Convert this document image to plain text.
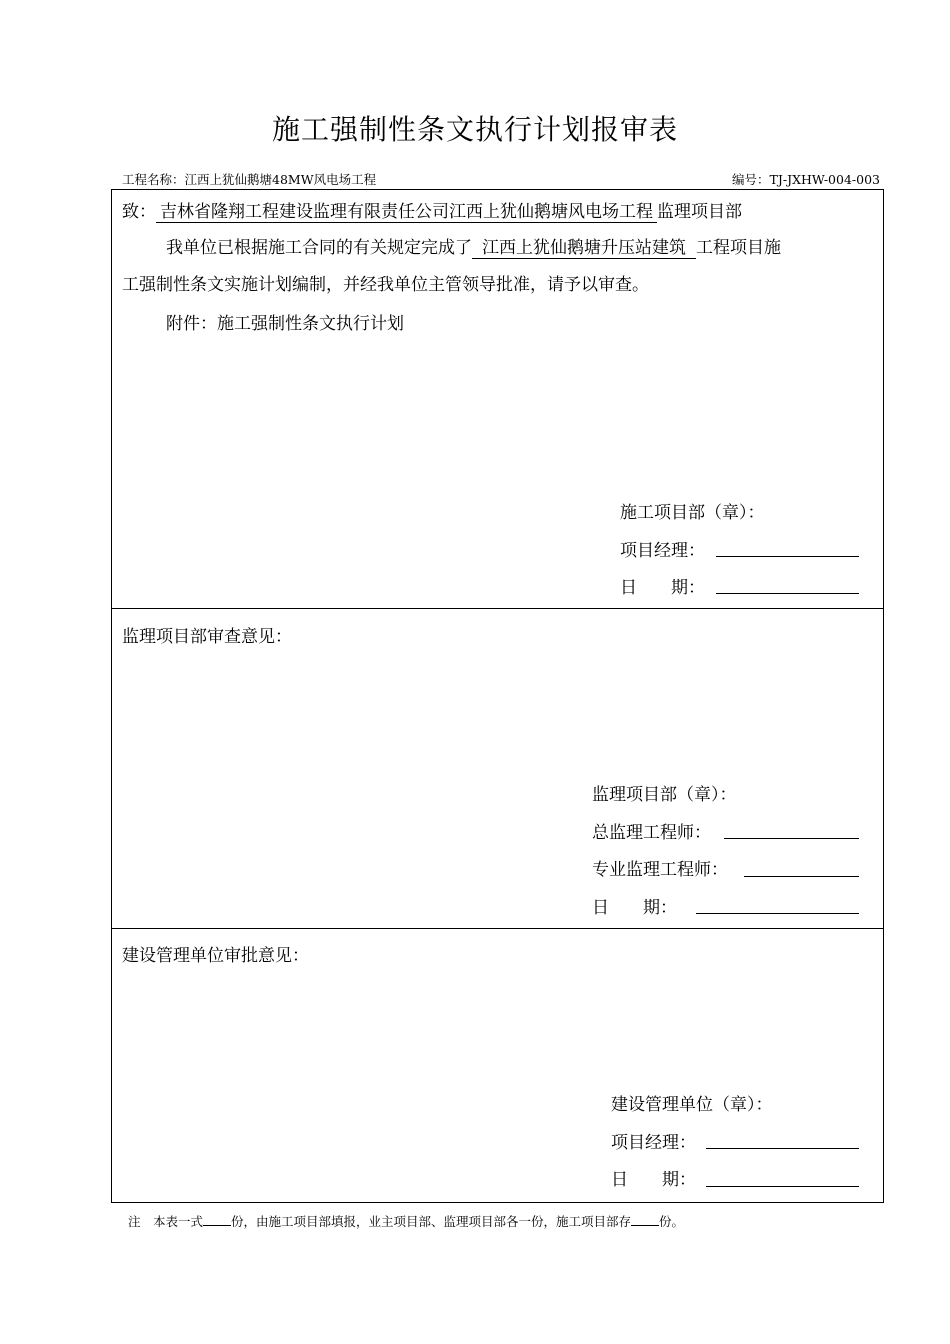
施工强制性条文执行计划报审表
工程名称：江西上犹仙鹅塘48MW风电场工程	编号：TJ-JXHW-004-003
致： 吉林省隆翔工程建设监理有限责任公司江西上犹仙鹅塘风电场工程 监理项目部
我单位已根据施工合同的有关规定完成了 江西上犹仙鹅塘升压站建筑 工程项目施
工强制性条文实施计划编制，并经我单位主管领导批准，请予以审查。
附件：施工强制性条文执行计划
施工项目部（章）：
项目经理：
日　　期：
监理项目部审查意见：
监理项目部（章）：
总监理工程师：
专业监理工程师：
日　　期：
建设管理单位审批意见：
建设管理单位（章）：
项目经理：
日　　期：
注　本表一式 份，由施工项目部填报，业主项目部、监理项目部各一份，施工项目部存 份。
